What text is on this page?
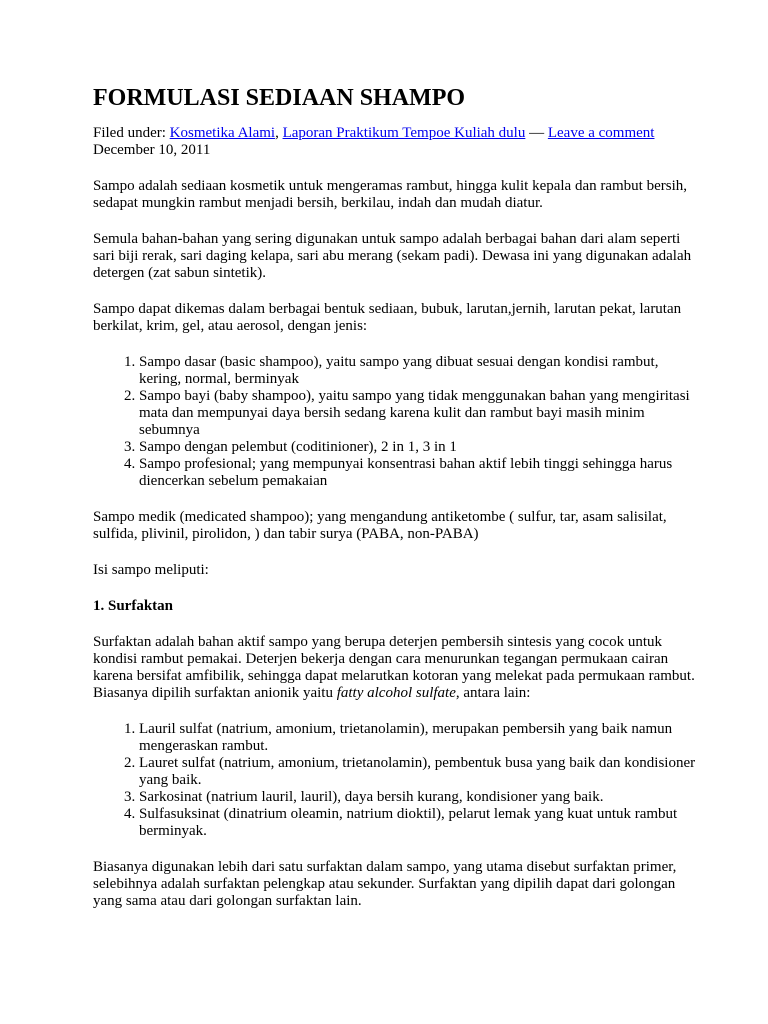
FORMULASI SEDIAAN SHAMPO
Filed under: Kosmetika Alami, Laporan Praktikum Tempoe Kuliah dulu — Leave a comment
December 10, 2011

Sampo adalah sediaan kosmetik untuk mengeramas rambut, hingga kulit kepala dan rambut bersih, sedapat mungkin rambut menjadi bersih, berkilau, indah dan mudah diatur.

Semula bahan-bahan yang sering digunakan untuk sampo adalah berbagai bahan dari alam seperti sari biji rerak, sari daging kelapa, sari abu merang (sekam padi). Dewasa ini yang digunakan adalah detergen (zat sabun sintetik).

Sampo dapat dikemas dalam berbagai bentuk sediaan, bubuk, larutan,jernih, larutan pekat, larutan berkilat, krim, gel, atau aerosol, dengan jenis:

1. Sampo dasar (basic shampoo), yaitu sampo yang dibuat sesuai dengan kondisi rambut, kering, normal, berminyak
2. Sampo bayi (baby shampoo), yaitu sampo yang tidak menggunakan bahan yang mengiritasi mata dan mempunyai daya bersih sedang karena kulit dan rambut bayi masih minim sebumnya
3. Sampo dengan pelembut (coditinioner), 2 in 1, 3 in 1
4. Sampo profesional; yang mempunyai konsentrasi bahan aktif lebih tinggi sehingga harus diencerkan sebelum pemakaian

Sampo medik (medicated shampoo); yang mengandung antiketombe ( sulfur, tar, asam salisilat, sulfida, plivinil, pirolidon, ) dan tabir surya (PABA, non-PABA)

Isi sampo meliputi:

1. Surfaktan

Surfaktan adalah bahan aktif sampo yang berupa deterjen pembersih sintesis yang cocok untuk kondisi rambut pemakai. Deterjen bekerja dengan cara menurunkan tegangan permukaan cairan karena bersifat amfibilik, sehingga dapat melarutkan kotoran yang melekat pada permukaan rambut. Biasanya dipilih surfaktan anionik yaitu fatty alcohol sulfate, antara lain:

1. Lauril sulfat (natrium, amonium, trietanolamin), merupakan pembersih yang baik namun mengeraskan rambut.
2. Lauret sulfat (natrium, amonium, trietanolamin), pembentuk busa yang baik dan kondisioner yang baik.
3. Sarkosinat (natrium lauril, lauril), daya bersih kurang, kondisioner yang baik.
4. Sulfasuksinat (dinatrium oleamin, natrium dioktil), pelarut lemak yang kuat untuk rambut berminyak.

Biasanya digunakan lebih dari satu surfaktan dalam sampo, yang utama disebut surfaktan primer, selebihnya adalah surfaktan pelengkap atau sekunder. Surfaktan yang dipilih dapat dari golongan yang sama atau dari golongan surfaktan lain.
